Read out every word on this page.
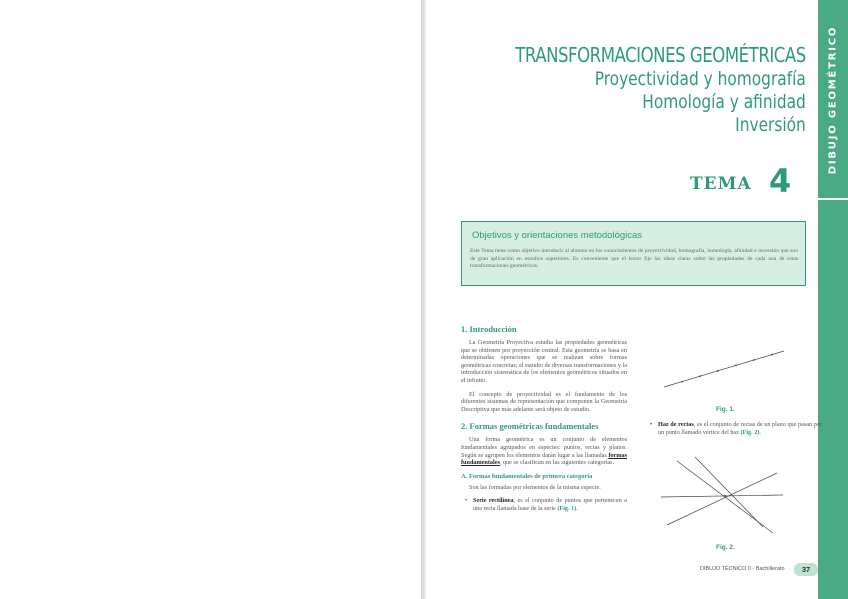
DIBUJO GEOMÉTRICO
TRANSFORMACIONES GEOMÉTRICAS
Proyectividad y homografía
Homología y afinidad
Inversión
TEMA 4
Objetivos y orientaciones metodológicas
Este Tema tiene como objetivo introducir al alumno en los conocimientos de proyectividad, homografía, homología, afinidad e inversión que son de gran aplicación en estudios superiores. Es conveniente que el lector fije las ideas claras sobre las propiedades de cada una de estas transformaciones geométricas.
1. Introducción

La Geometría Proyectiva estudia las propiedades geométricas que se obtienen por proyección central. Esta geometría se basa en determinadas operaciones que se realizan sobre formas geométricas concretas; el estudio de diversas transformaciones y la introducción sistemática de los elementos geométricos situados en el infinito.

El concepto de proyectividad es el fundamento de los diferentes sistemas de representación que componen la Geometría Descriptiva que más adelante será objeto de estudio.

2. Formas geométricas fundamentales

Una forma geométrica es un conjunto de elementos fundamentales agrupados en especies: puntos, rectas y planos. Según se agrupen los elementos darán lugar a las llamadas formas fundamentales, que se clasifican en las siguientes categorías.

A. Formas fundamentales de primera categoría

Son las formadas por elementos de la misma especie.

• Serie rectilínea, es el conjunto de puntos que pertenecen a una recta llamada base de la serie (Fig. 1).
Fig. 1.
• Haz de rectas, es el conjunto de rectas de un plano que pasan por un punto llamado vértice del haz (Fig. 2).
Fig. 2.
DIBUJO TÉCNICO II - Bachillerato	37
